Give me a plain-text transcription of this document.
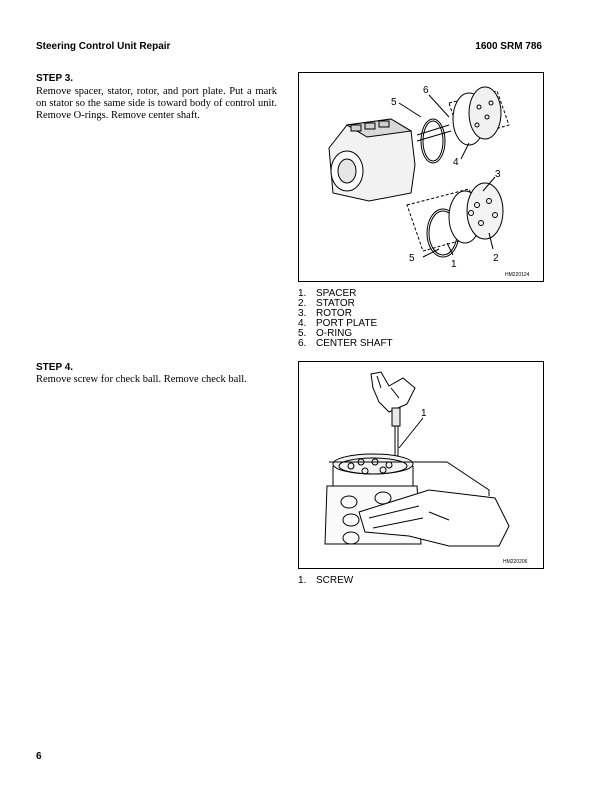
Steering Control Unit Repair	1600 SRM 786
STEP 3.
Remove spacer, stator, rotor, and port plate. Put a mark on stator so the same side is toward body of control unit. Remove O-rings. Remove center shaft.
6
5
4
3
2
1
5
HM220124
1. SPACER
2. STATOR
3. ROTOR
4. PORT PLATE
5. O-RING
6. CENTER SHAFT
STEP 4.
Remove screw for check ball. Remove check ball.
1
HM220206
1. SCREW
6
